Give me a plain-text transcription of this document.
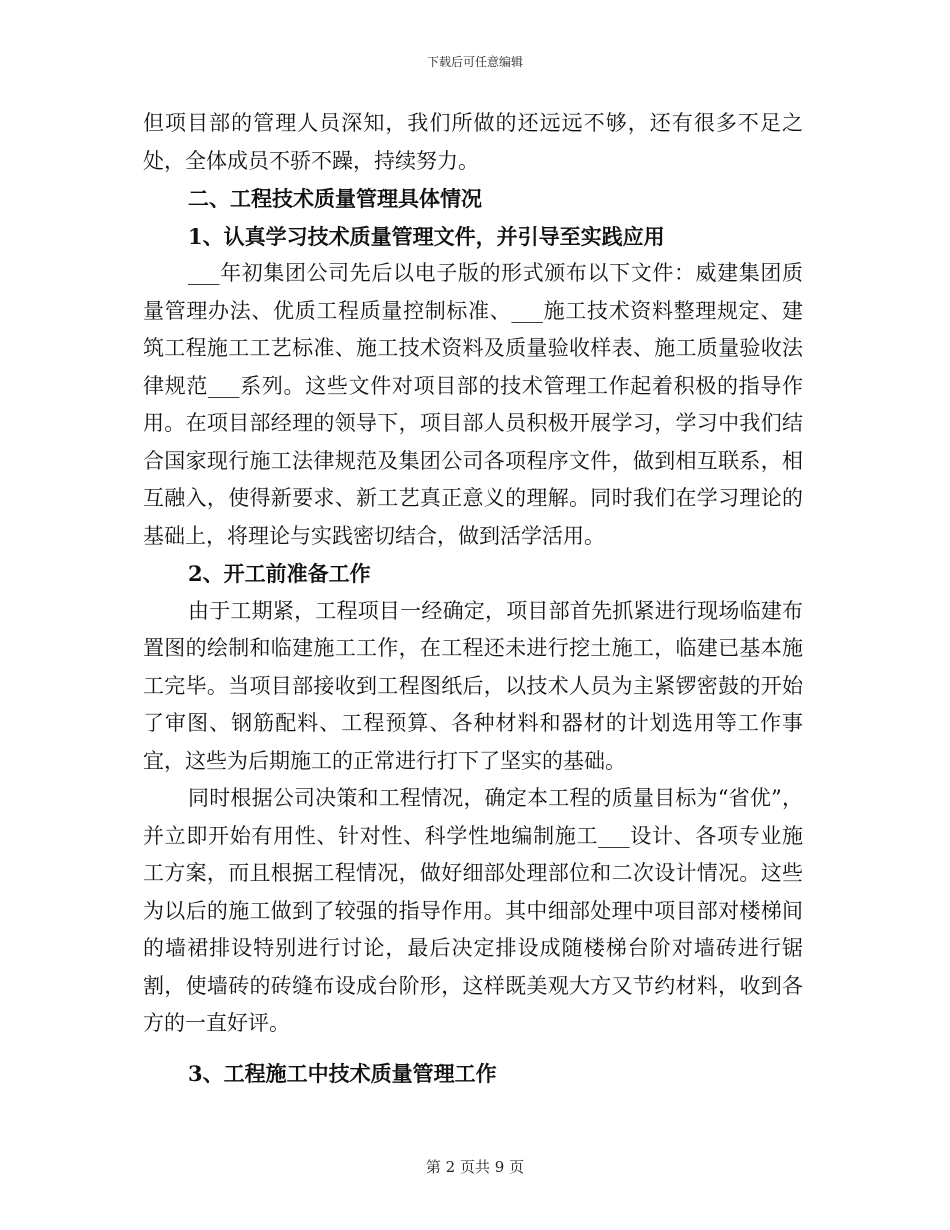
下载后可任意编辑

但项目部的管理人员深知，我们所做的还远远不够，还有很多不足之处，全体成员不骄不躁，持续努力。

二、工程技术质量管理具体情况

1、认真学习技术质量管理文件，并引导至实践应用

___年初集团公司先后以电子版的形式颁布以下文件：威建集团质量管理办法、优质工程质量控制标准、___施工技术资料整理规定、建筑工程施工工艺标准、施工技术资料及质量验收样表、施工质量验收法律规范___系列。这些文件对项目部的技术管理工作起着积极的指导作用。在项目部经理的领导下，项目部人员积极开展学习，学习中我们结合国家现行施工法律规范及集团公司各项程序文件，做到相互联系，相互融入，使得新要求、新工艺真正意义的理解。同时我们在学习理论的基础上，将理论与实践密切结合，做到活学活用。

2、开工前准备工作

由于工期紧，工程项目一经确定，项目部首先抓紧进行现场临建布置图的绘制和临建施工工作，在工程还未进行挖土施工，临建已基本施工完毕。当项目部接收到工程图纸后，以技术人员为主紧锣密鼓的开始了审图、钢筋配料、工程预算、各种材料和器材的计划选用等工作事宜，这些为后期施工的正常进行打下了坚实的基础。

同时根据公司决策和工程情况，确定本工程的质量目标为“省优”，并立即开始有用性、针对性、科学性地编制施工___设计、各项专业施工方案，而且根据工程情况，做好细部处理部位和二次设计情况。这些为以后的施工做到了较强的指导作用。其中细部处理中项目部对楼梯间的墙裙排设特别进行讨论，最后决定排设成随楼梯台阶对墙砖进行锯割，使墙砖的砖缝布设成台阶形，这样既美观大方又节约材料，收到各方的一直好评。

3、工程施工中技术质量管理工作

第 2 页共 9 页
